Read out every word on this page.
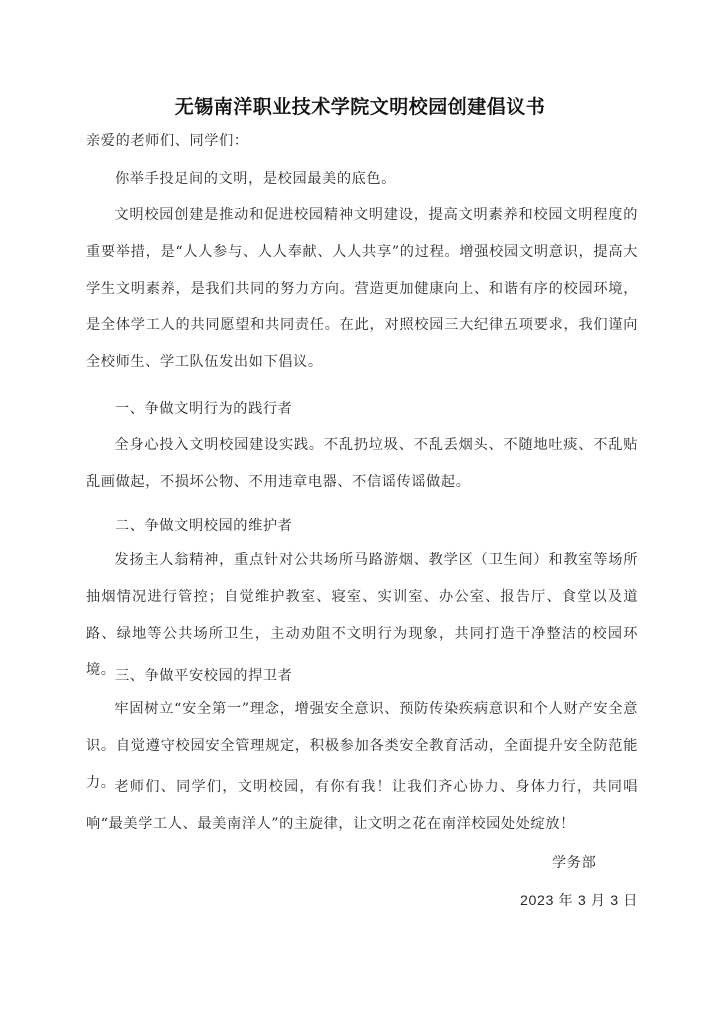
无锡南洋职业技术学院文明校园创建倡议书
亲爱的老师们、同学们：
你举手投足间的文明，是校园最美的底色。

文明校园创建是推动和促进校园精神文明建设，提高文明素养和校园文明程度的重要举措，是“人人参与、人人奉献、人人共享”的过程。增强校园文明意识，提高大学生文明素养，是我们共同的努力方向。营造更加健康向上、和谐有序的校园环境，是全体学工人的共同愿望和共同责任。在此，对照校园三大纪律五项要求，我们谨向全校师生、学工队伍发出如下倡议。

一、争做文明行为的践行者

全身心投入文明校园建设实践。不乱扔垃圾、不乱丢烟头、不随地吐痰、不乱贴乱画做起，不损坏公物、不用违章电器、不信谣传谣做起。

二、争做文明校园的维护者

发扬主人翁精神，重点针对公共场所马路游烟、教学区（卫生间）和教室等场所抽烟情况进行管控；自觉维护教室、寝室、实训室、办公室、报告厅、食堂以及道路、绿地等公共场所卫生，主动劝阻不文明行为现象，共同打造干净整洁的校园环境。 三、争做平安校园的捍卫者

牢固树立“安全第一”理念，增强安全意识、预防传染疾病意识和个人财产安全意识。自觉遵守校园安全管理规定，积极参加各类安全教育活动，全面提升安全防范能力。

老师们、同学们，文明校园，有你有我！让我们齐心协力、身体力行，共同唱响“最美学工人、最美南洋人”的主旋律，让文明之花在南洋校园处处绽放！

学务部
2023 年 3 月 3 日
